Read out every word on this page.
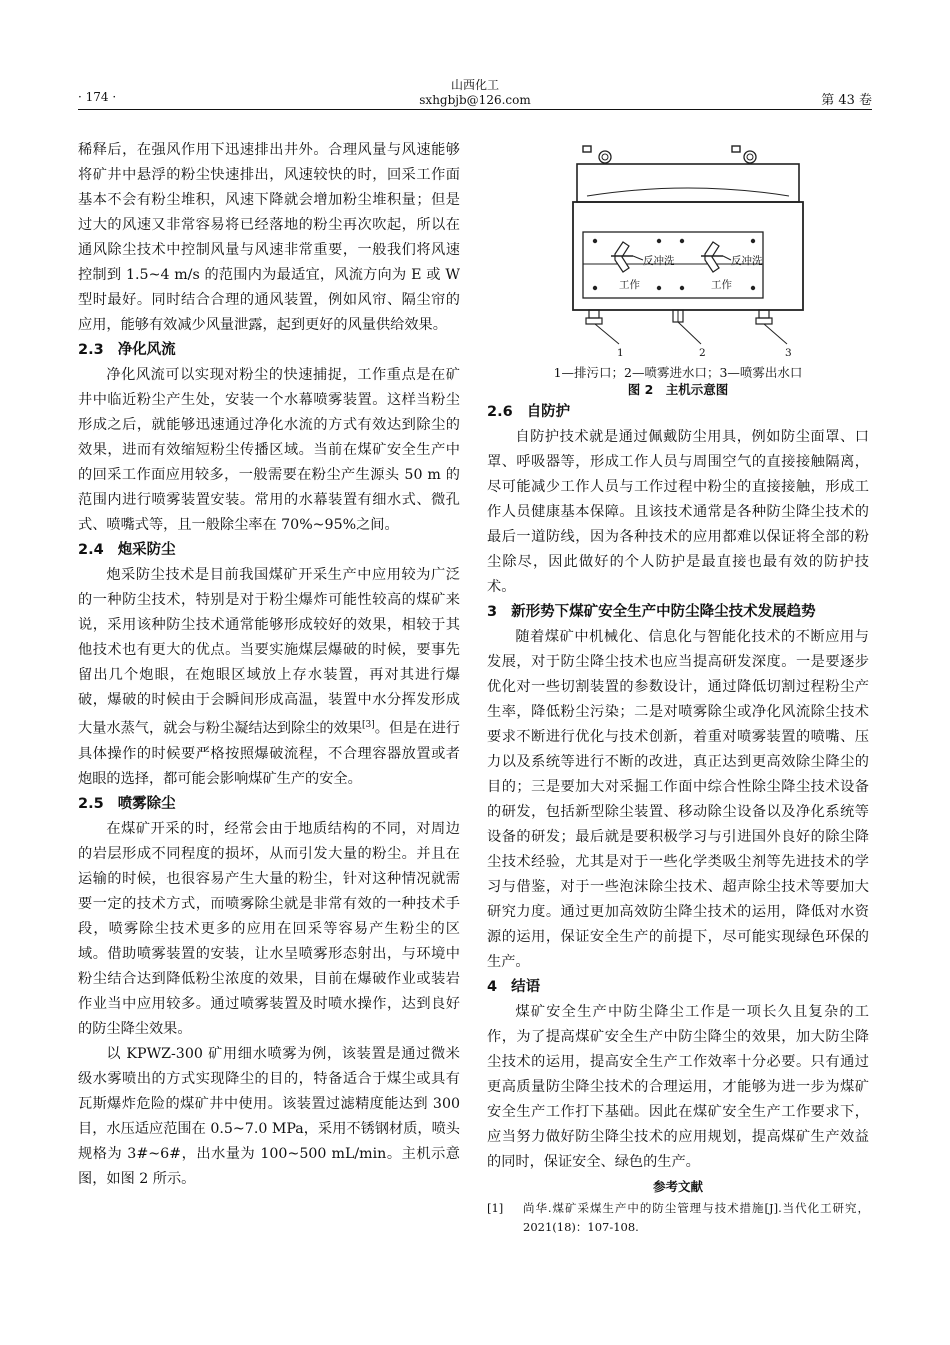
· 174 ·
山西化工
sxhgbjb@126.com	第 43 卷

稀释后，在强风作用下迅速排出井外。合理风量与风速能够将矿井中悬浮的粉尘快速排出，风速较快的时，回采工作面基本不会有粉尘堆积，风速下降就会增加粉尘堆积量；但是过大的风速又非常容易将已经落地的粉尘再次吹起，所以在通风除尘技术中控制风量与风速非常重要，一般我们将风速控制到 1.5~4 m/s 的范围内为最适宜，风流方向为 E 或 W 型时最好。同时结合合理的通风装置，例如风帘、隔尘帘的应用，能够有效减少风量泄露，起到更好的风量供给效果。

2.3 净化风流

净化风流可以实现对粉尘的快速捕捉，工作重点是在矿井中临近粉尘产生处，安装一个水幕喷雾装置。这样当粉尘形成之后，就能够迅速通过净化水流的方式有效达到除尘的效果，进而有效缩短粉尘传播区域。当前在煤矿安全生产中的回采工作面应用较多，一般需要在粉尘产生源头 50 m 的范围内进行喷雾装置安装。常用的水幕装置有细水式、微孔式、喷嘴式等，且一般除尘率在 70%~95%之间。

2.4 炮采防尘

炮采防尘技术是目前我国煤矿开采生产中应用较为广泛的一种防尘技术，特别是对于粉尘爆炸可能性较高的煤矿来说，采用该种防尘技术通常能够形成较好的效果，相较于其他技术也有更大的优点。当要实施煤层爆破的时候，要事先留出几个炮眼，在炮眼区域放上存水装置，再对其进行爆破，爆破的时候由于会瞬间形成高温，装置中水分挥发形成大量水蒸气，就会与粉尘凝结达到除尘的效果[3]。但是在进行具体操作的时候要严格按照爆破流程，不合理容器放置或者炮眼的选择，都可能会影响煤矿生产的安全。

2.5 喷雾除尘

在煤矿开采的时，经常会由于地质结构的不同，对周边的岩层形成不同程度的损坏，从而引发大量的粉尘。并且在运输的时候，也很容易产生大量的粉尘，针对这种情况就需要一定的技术方式，而喷雾除尘就是非常有效的一种技术手段，喷雾除尘技术更多的应用在回采等容易产生粉尘的区域。借助喷雾装置的安装，让水呈喷雾形态射出，与环境中粉尘结合达到降低粉尘浓度的效果，目前在爆破作业或装岩作业当中应用较多。通过喷雾装置及时喷水操作，达到良好的防尘降尘效果。

以 KPWZ-300 矿用细水喷雾为例，该装置是通过微米级水雾喷出的方式实现降尘的目的，特备适合于煤尘或具有瓦斯爆炸危险的煤矿井中使用。该装置过滤精度能达到 300 目，水压适应范围在 0.5~7.0 MPa，采用不锈钢材质，喷头规格为 3#~6#，出水量为 100~500 mL/min。主机示意图，如图 2 所示。

反冲洗	反冲洗
工作	工作
1	2	3
1—排污口；2—喷雾进水口；3—喷雾出水口
图 2　主机示意图
2.6 自防护

自防护技术就是通过佩戴防尘用具，例如防尘面罩、口罩、呼吸器等，形成工作人员与周围空气的直接接触隔离，尽可能减少工作人员与工作过程中粉尘的直接接触，形成工作人员健康基本保障。且该技术通常是各种防尘降尘技术的最后一道防线，因为各种技术的应用都难以保证将全部的粉尘除尽，因此做好的个人防护是最直接也最有效的防护技术。

3 新形势下煤矿安全生产中防尘降尘技术发展趋势

随着煤矿中机械化、信息化与智能化技术的不断应用与发展，对于防尘降尘技术也应当提高研发深度。一是要逐步优化对一些切割装置的参数设计，通过降低切割过程粉尘产生率，降低粉尘污染；二是对喷雾除尘或净化风流除尘技术要求不断进行优化与技术创新，着重对喷雾装置的喷嘴、压力以及系统等进行不断的改进，真正达到更高效除尘降尘的目的；三是要加大对采掘工作面中综合性除尘降尘技术设备的研发，包括新型除尘装置、移动除尘设备以及净化系统等设备的研发；最后就是要积极学习与引进国外良好的除尘降尘技术经验，尤其是对于一些化学类吸尘剂等先进技术的学习与借鉴，对于一些泡沫除尘技术、超声除尘技术等要加大研究力度。通过更加高效防尘降尘技术的运用，降低对水资源的运用，保证安全生产的前提下，尽可能实现绿色环保的生产。

4 结语

煤矿安全生产中防尘降尘工作是一项长久且复杂的工作，为了提高煤矿安全生产中防尘降尘的效果，加大防尘降尘技术的运用，提高安全生产工作效率十分必要。只有通过更高质量防尘降尘技术的合理运用，才能够为进一步为煤矿安全生产工作打下基础。因此在煤矿安全生产工作要求下，应当努力做好防尘降尘技术的应用规划，提高煤矿生产效益的同时，保证安全、绿色的生产。

参考文献
[1]	尚华.煤矿采煤生产中的防尘管理与技术措施[J].当代化工研究，2021(18)：107-108.
